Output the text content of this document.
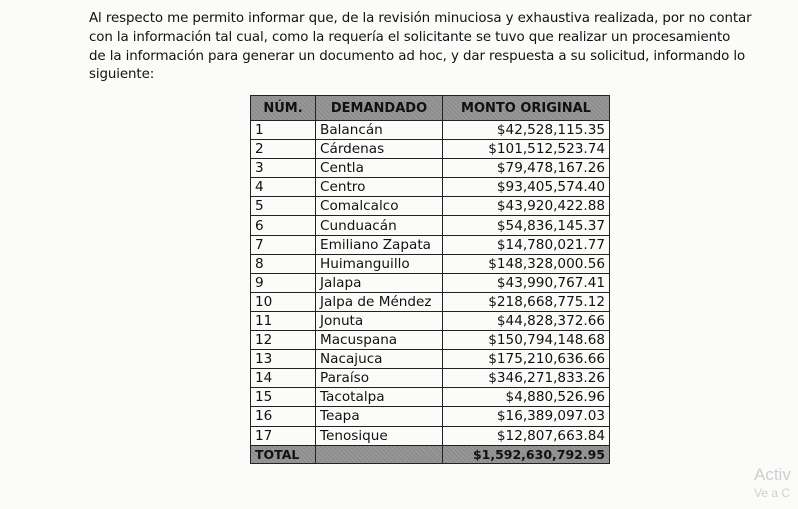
Al respecto me permito informar que, de la revisión minuciosa y exhaustiva realizada, por no contar
con la información tal cual, como la requería el solicitante se tuvo que realizar un procesamiento
de la información para generar un documento ad hoc, y dar respuesta a su solicitud, informando lo
siguiente:
NÚM.	DEMANDADO	MONTO ORIGINAL
1	Balancán	$42,528,115.35
2	Cárdenas	$101,512,523.74
3	Centla	$79,478,167.26
4	Centro	$93,405,574.40
5	Comalcalco	$43,920,422.88
6	Cunduacán	$54,836,145.37
7	Emiliano Zapata	$14,780,021.77
8	Huimanguillo	$148,328,000.56
9	Jalapa	$43,990,767.41
10	Jalpa de Méndez	$218,668,775.12
11	Jonuta	$44,828,372.66
12	Macuspana	$150,794,148.68
13	Nacajuca	$175,210,636.66
14	Paraíso	$346,271,833.26
15	Tacotalpa	$4,880,526.96
16	Teapa	$16,389,097.03
17	Tenosique	$12,807,663.84
TOTAL		$1,592,630,792.95
Activ
Ve a C
